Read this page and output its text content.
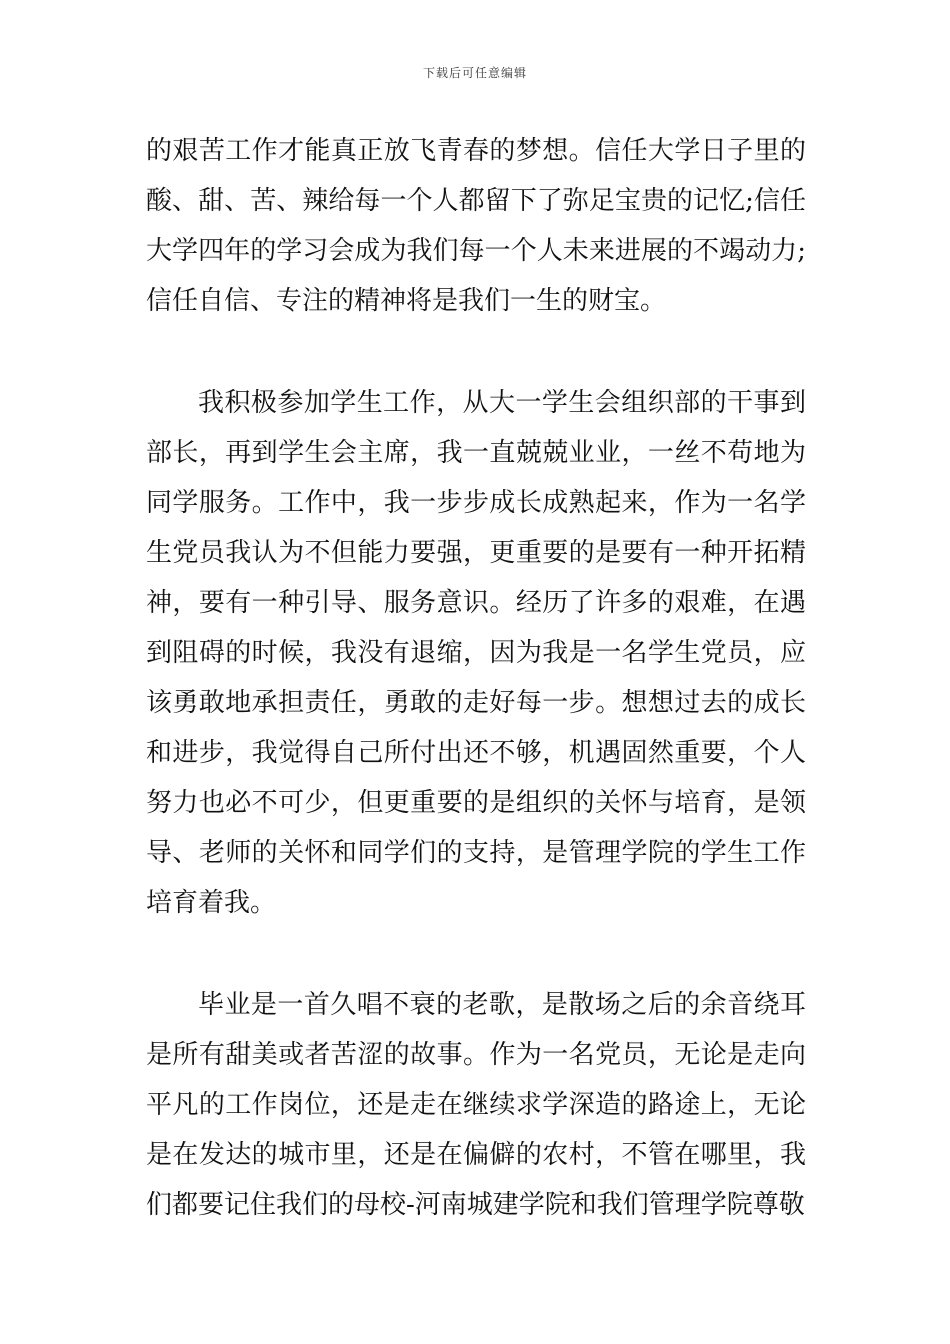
下载后可任意编辑

的艰苦工作才能真正放飞青春的梦想。信任大学日子里的酸、甜、苦、辣给每一个人都留下了弥足宝贵的记忆;信任大学四年的学习会成为我们每一个人未来进展的不竭动力;信任自信、专注的精神将是我们一生的财宝。

我积极参加学生工作，从大一学生会组织部的干事到部长，再到学生会主席，我一直兢兢业业，一丝不苟地为同学服务。工作中，我一步步成长成熟起来，作为一名学生党员我认为不但能力要强，更重要的是要有一种开拓精神，要有一种引导、服务意识。经历了许多的艰难，在遇到阻碍的时候，我没有退缩，因为我是一名学生党员，应该勇敢地承担责任，勇敢的走好每一步。想想过去的成长和进步，我觉得自己所付出还不够，机遇固然重要，个人努力也必不可少，但更重要的是组织的关怀与培育，是领导、老师的关怀和同学们的支持，是管理学院的学生工作培育着我。

毕业是一首久唱不衰的老歌，是散场之后的余音绕耳是所有甜美或者苦涩的故事。作为一名党员，无论是走向平凡的工作岗位，还是走在继续求学深造的路途上，无论是在发达的城市里，还是在偏僻的农村，不管在哪里，我们都要记住我们的母校-河南城建学院和我们管理学院尊敬
